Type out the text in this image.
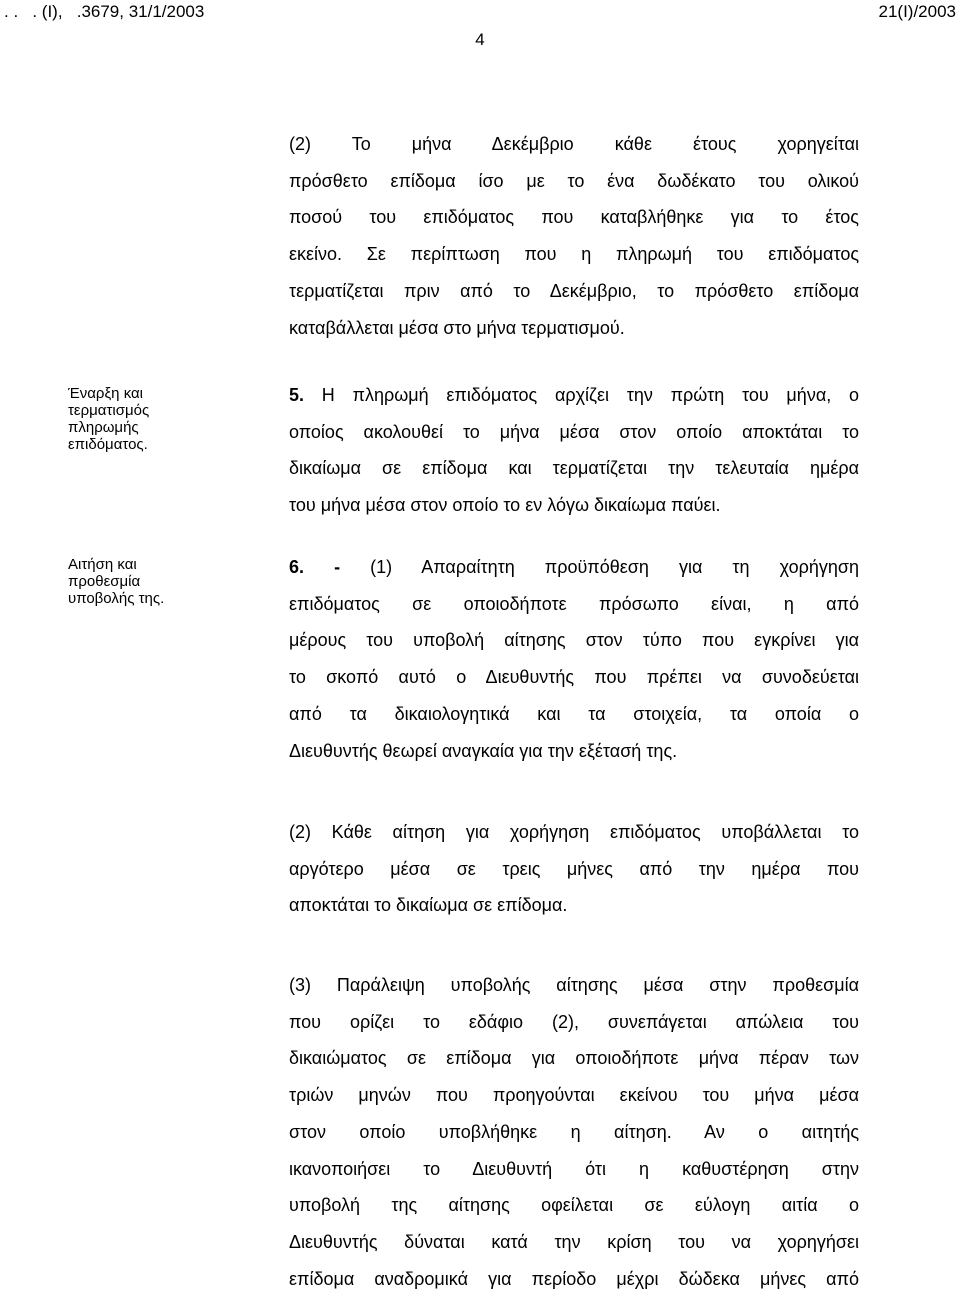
. .   . (Ι),   .3679, 31/1/2003	21(Ι)/2003
4
(2) Το μήνα Δεκέμβριο κάθε έτους χορηγείται
πρόσθετο επίδομα ίσο με το ένα δωδέκατο του ολικού
ποσού του επιδόματος που καταβλήθηκε για το έτος
εκείνο. Σε περίπτωση που η πληρωμή του επιδόματος
τερματίζεται πριν από το Δεκέμβριο, το πρόσθετο επίδομα
καταβάλλεται μέσα στο μήνα τερματισμού.
Έναρξη και
τερματισμός
πληρωμής
επιδόματος.
5. Η πληρωμή επιδόματος αρχίζει την πρώτη του μήνα, ο
οποίος ακολουθεί το μήνα μέσα στον οποίο αποκτάται το
δικαίωμα σε επίδομα και τερματίζεται την τελευταία ημέρα
του μήνα μέσα στον οποίο το εν λόγω δικαίωμα παύει.
Αιτήση και
προθεσμία
υποβολής της.
6. - (1) Απαραίτητη προϋπόθεση για τη χορήγηση
επιδόματος σε οποιοδήποτε πρόσωπο είναι, η από
μέρους του υποβολή αίτησης στον τύπο που εγκρίνει για
το σκοπό αυτό ο Διευθυντής που πρέπει να συνοδεύεται
από τα δικαιολογητικά και τα στοιχεία, τα οποία ο
Διευθυντής θεωρεί αναγκαία για την εξέτασή της.
(2) Κάθε αίτηση για χορήγηση επιδόματος υποβάλλεται το
αργότερο μέσα σε τρεις μήνες από την ημέρα που
αποκτάται το δικαίωμα σε επίδομα.
(3) Παράλειψη υποβολής αίτησης μέσα στην προθεσμία
που ορίζει το εδάφιο (2), συνεπάγεται απώλεια του
δικαιώματος σε επίδομα για οποιοδήποτε μήνα πέραν των
τριών μηνών που προηγούνται εκείνου του μήνα μέσα
στον οποίο υποβλήθηκε η αίτηση. Αν ο αιτητής
ικανοποιήσει το Διευθυντή ότι η καθυστέρηση στην
υποβολή της αίτησης οφείλεται σε εύλογη αιτία ο
Διευθυντής δύναται κατά την κρίση του να χορηγήσει
επίδομα αναδρομικά για περίοδο μέχρι δώδεκα μήνες από
